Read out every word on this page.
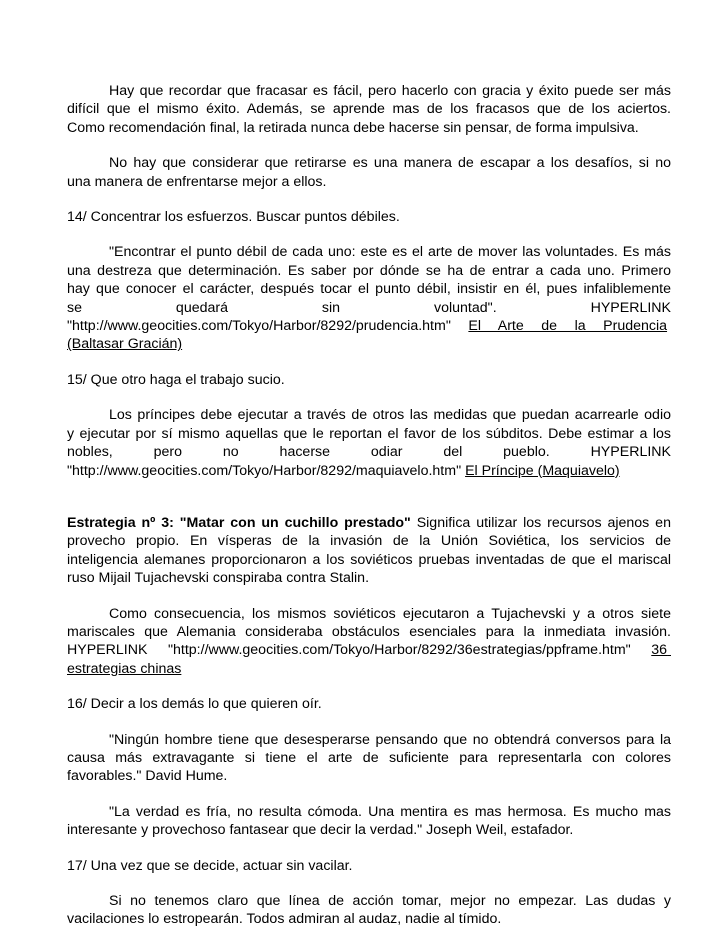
Hay que recordar que fracasar es fácil, pero hacerlo con gracia y éxito puede ser más
difícil que el mismo éxito. Además, se aprende mas de los fracasos que de los aciertos.
Como recomendación final, la retirada nunca debe hacerse sin pensar, de forma impulsiva.
No hay que considerar que retirarse es una manera de escapar a los desafíos, si no
una manera de enfrentarse mejor a ellos.
14/ Concentrar los esfuerzos. Buscar puntos débiles.
"Encontrar el punto débil de cada uno: este es el arte de mover las voluntades. Es más
una destreza que determinación. Es saber por dónde se ha de entrar a cada uno. Primero
hay que conocer el carácter, después tocar el punto débil, insistir en él, pues infaliblemente
se quedará sin voluntad". HYPERLINK
"http://www.geocities.com/Tokyo/Harbor/8292/prudencia.htm" El Arte de la Prudencia
(Baltasar Gracián)
15/ Que otro haga el trabajo sucio.
Los príncipes debe ejecutar a través de otros las medidas que puedan acarrearle odio
y ejecutar por sí mismo aquellas que le reportan el favor de los súbditos. Debe estimar a los
nobles, pero no hacerse odiar del pueblo. HYPERLINK
"http://www.geocities.com/Tokyo/Harbor/8292/maquiavelo.htm" El Príncipe (Maquiavelo)
Estrategia nº 3: "Matar con un cuchillo prestado" Significa utilizar los recursos ajenos en
provecho propio. En vísperas de la invasión de la Unión Soviética, los servicios de
inteligencia alemanes proporcionaron a los soviéticos pruebas inventadas de que el mariscal
ruso Mijail Tujachevski conspiraba contra Stalin.
Como consecuencia, los mismos soviéticos ejecutaron a Tujachevski y a otros siete
mariscales que Alemania consideraba obstáculos esenciales para la inmediata invasión.
HYPERLINK "http://www.geocities.com/Tokyo/Harbor/8292/36estrategias/ppframe.htm" 36
estrategias chinas
16/ Decir a los demás lo que quieren oír.
"Ningún hombre tiene que desesperarse pensando que no obtendrá conversos para la
causa más extravagante si tiene el arte de suficiente para representarla con colores
favorables." David Hume.
"La verdad es fría, no resulta cómoda. Una mentira es mas hermosa. Es mucho mas
interesante y provechoso fantasear que decir la verdad." Joseph Weil, estafador.
17/ Una vez que se decide, actuar sin vacilar.
Si no tenemos claro que línea de acción tomar, mejor no empezar. Las dudas y
vacilaciones lo estropearán. Todos admiran al audaz, nadie al tímido.
